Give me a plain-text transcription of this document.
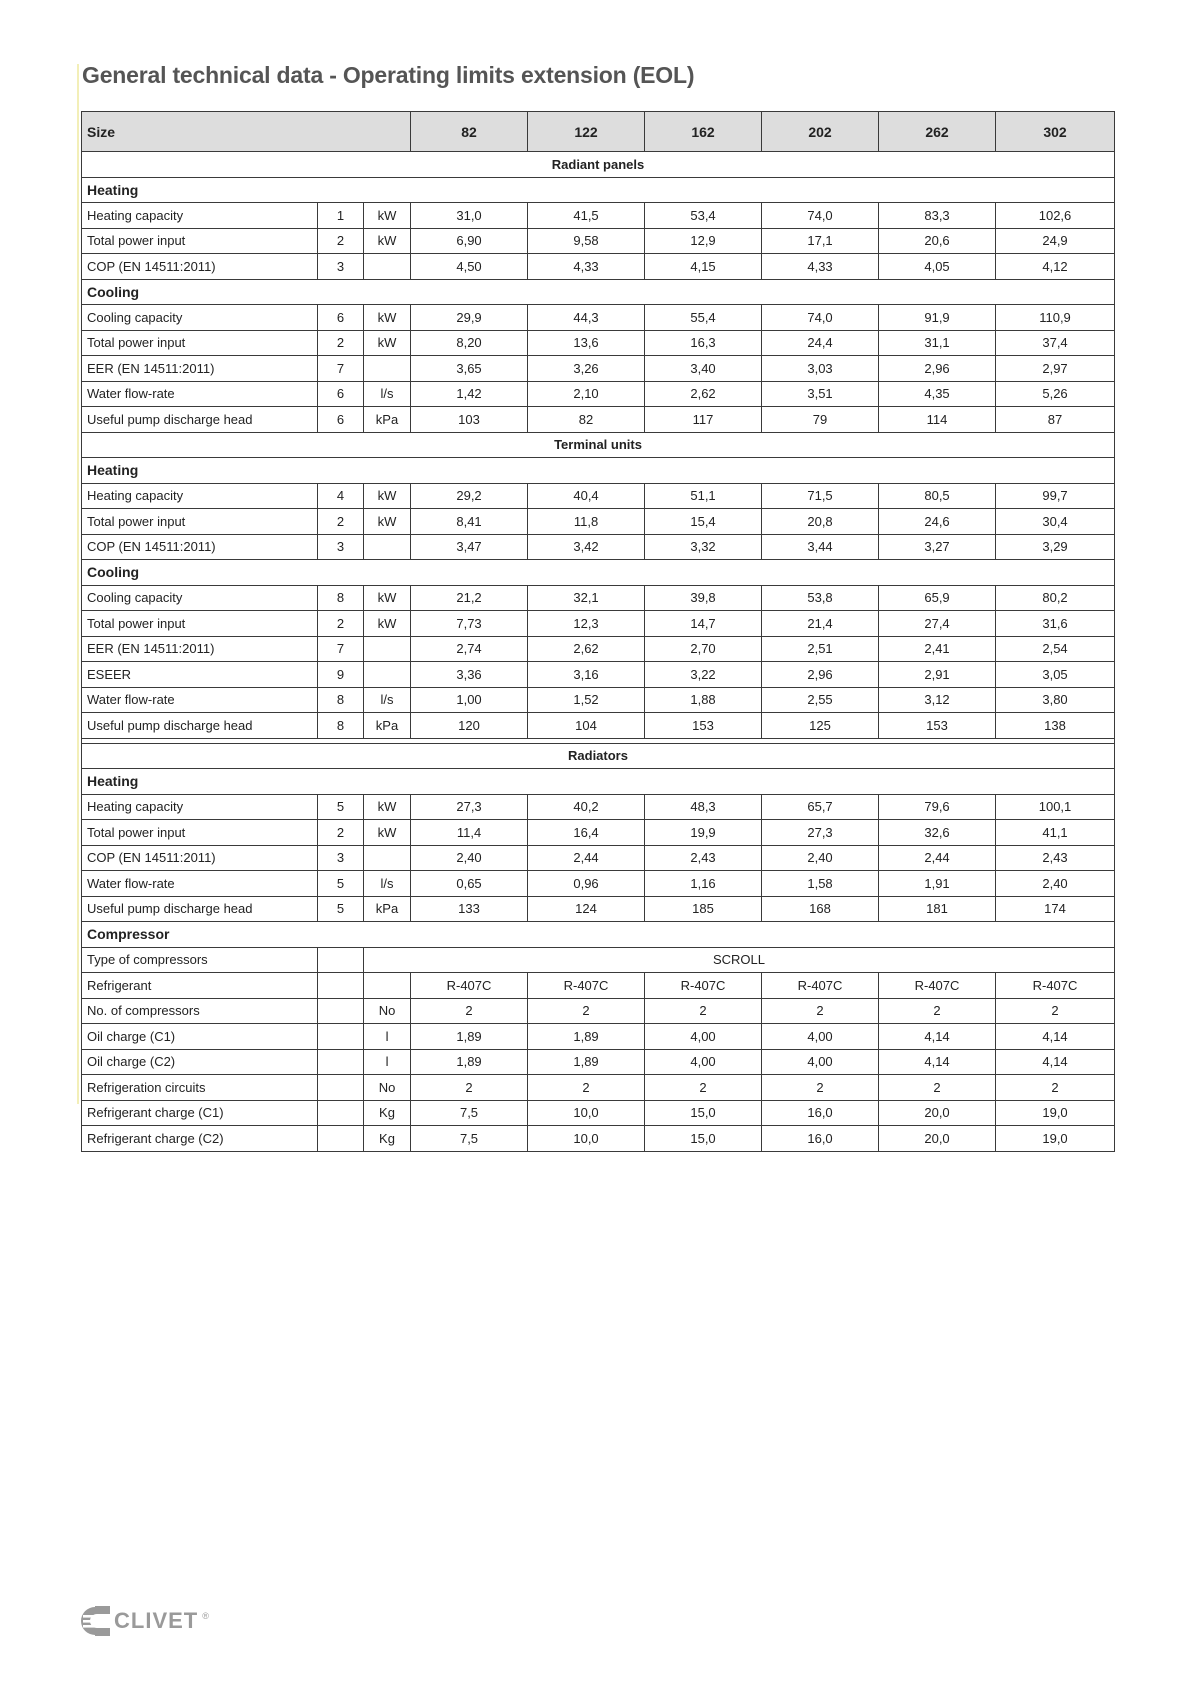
General technical data - Operating limits extension (EOL)
Size			82	122	162	202	262	302
Radiant panels								
Heating								
Heating capacity	1	kW	31,0	41,5	53,4	74,0	83,3	102,6
Total power input	2	kW	6,90	9,58	12,9	17,1	20,6	24,9
COP (EN 14511:2011)	3		4,50	4,33	4,15	4,33	4,05	4,12
Cooling								
Cooling capacity	6	kW	29,9	44,3	55,4	74,0	91,9	110,9
Total power input	2	kW	8,20	13,6	16,3	24,4	31,1	37,4
EER (EN 14511:2011)	7		3,65	3,26	3,40	3,03	2,96	2,97
Water flow-rate	6	l/s	1,42	2,10	2,62	3,51	4,35	5,26
Useful pump discharge head	6	kPa	103	82	117	79	114	87
Terminal units								
Heating								
Heating capacity	4	kW	29,2	40,4	51,1	71,5	80,5	99,7
Total power input	2	kW	8,41	11,8	15,4	20,8	24,6	30,4
COP (EN 14511:2011)	3		3,47	3,42	3,32	3,44	3,27	3,29
Cooling								
Cooling capacity	8	kW	21,2	32,1	39,8	53,8	65,9	80,2
Total power input	2	kW	7,73	12,3	14,7	21,4	27,4	31,6
EER (EN 14511:2011)	7		2,74	2,62	2,70	2,51	2,41	2,54
ESEER	9		3,36	3,16	3,22	2,96	2,91	3,05
Water flow-rate	8	l/s	1,00	1,52	1,88	2,55	3,12	3,80
Useful pump discharge head	8	kPa	120	104	153	125	153	138

Radiators								
Heating								
Heating capacity	5	kW	27,3	40,2	48,3	65,7	79,6	100,1
Total power input	2	kW	11,4	16,4	19,9	27,3	32,6	41,1
COP (EN 14511:2011)	3		2,40	2,44	2,43	2,40	2,44	2,43
Water flow-rate	5	l/s	0,65	0,96	1,16	1,58	1,91	2,40
Useful pump discharge head	5	kPa	133	124	185	168	181	174
Compressor								
Type of compressors		SCROLL						
Refrigerant			R-407C	R-407C	R-407C	R-407C	R-407C	R-407C
No. of compressors		No	2	2	2	2	2	2
Oil charge (C1)		l	1,89	1,89	4,00	4,00	4,14	4,14
Oil charge (C2)		l	1,89	1,89	4,00	4,00	4,14	4,14
Refrigeration circuits		No	2	2	2	2	2	2
Refrigerant charge (C1)		Kg	7,5	10,0	15,0	16,0	20,0	19,0
Refrigerant charge (C2)		Kg	7,5	10,0	15,0	16,0	20,0	19,0
CLIVET ®
